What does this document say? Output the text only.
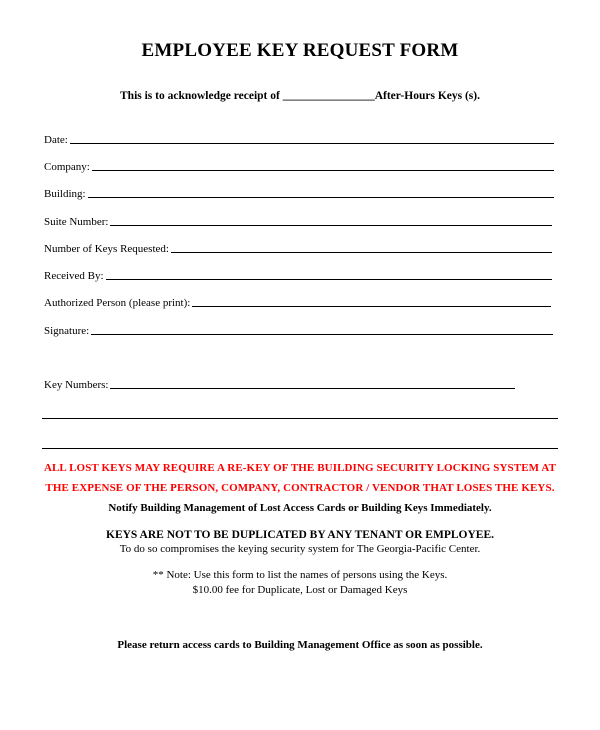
EMPLOYEE KEY REQUEST FORM
This is to acknowledge receipt of ________________After-Hours Keys (s).
Date:
Company:
Building:
Suite Number:
Number of Keys Requested:
Received By:
Authorized Person (please print):
Signature:
Key Numbers:
ALL LOST KEYS MAY REQUIRE A RE-KEY OF THE BUILDING SECURITY LOCKING SYSTEM AT
THE EXPENSE OF THE PERSON, COMPANY, CONTRACTOR / VENDOR THAT LOSES THE KEYS.
Notify Building Management of Lost Access Cards or Building Keys Immediately.
KEYS ARE NOT TO BE DUPLICATED BY ANY TENANT OR EMPLOYEE.
To do so compromises the keying security system for The Georgia-Pacific Center.
** Note: Use this form to list the names of persons using the Keys.
$10.00 fee for Duplicate, Lost or Damaged Keys
Please return access cards to Building Management Office as soon as possible.
